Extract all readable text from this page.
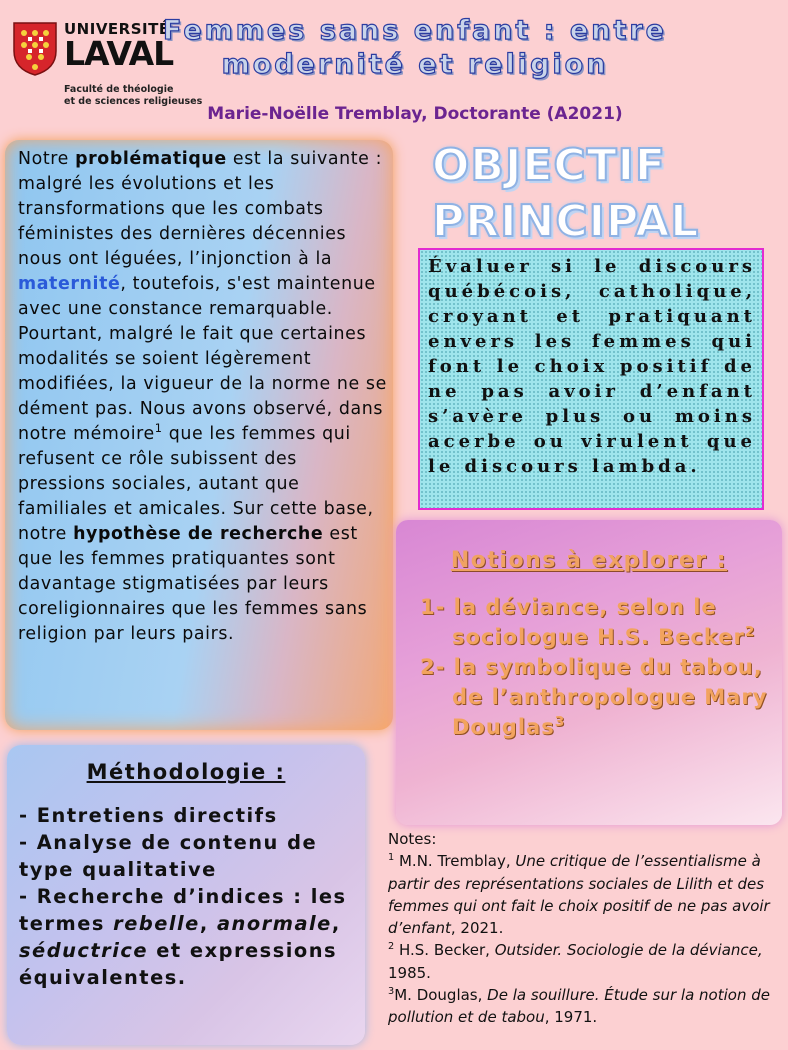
UNIVERSITÉ
LAVAL
Faculté de théologie
et de sciences religieuses
Femmes sans enfant : entre
modernité et religion
Marie-Noëlle Tremblay, Doctorante (A2021)

Notre problématique est la suivante : malgré les évolutions et les transformations que les combats féministes des dernières décennies nous ont léguées, l’injonction à la maternité, toutefois, s'est maintenue avec une constance remarquable. Pourtant, malgré le fait que certaines modalités se soient légèrement modifiées, la vigueur de la norme ne se dément pas. Nous avons observé, dans notre mémoire$^1$ que les femmes qui refusent ce rôle subissent des pressions sociales, autant que familiales et amicales. Sur cette base, notre hypothèse de recherche est que les femmes pratiquantes sont davantage stigmatisées par leurs coreligionnaires que les femmes sans religion par leurs pairs.

OBJECTIF
PRINCIPAL

Évaluer si le discours québécois, catholique, croyant et pratiquant envers les femmes qui font le choix positif de ne pas avoir d’enfant s’avère plus ou moins acerbe ou virulent que le discours lambda.

Notions à explorer :
1- la déviance, selon le sociologue H.S. Becker$^2$
2- la symbolique du tabou, de l’anthropologue Mary Douglas$^3$
Méthodologie :

- Entretiens directifs
- Analyse de contenu de type qualitative
- Recherche d’indices : les termes rebelle, anormale, séductrice et expressions équivalentes.

Notes:
$^1$ M.N. Tremblay, Une critique de l’essentialisme à partir des représentations sociales de Lilith et des femmes qui ont fait le choix positif de ne pas avoir d’enfant, 2021.
$^2$ H.S. Becker, Outsider. Sociologie de la déviance, 1985.
$^3$M. Douglas, De la souillure. Étude sur la notion de pollution et de tabou, 1971.
